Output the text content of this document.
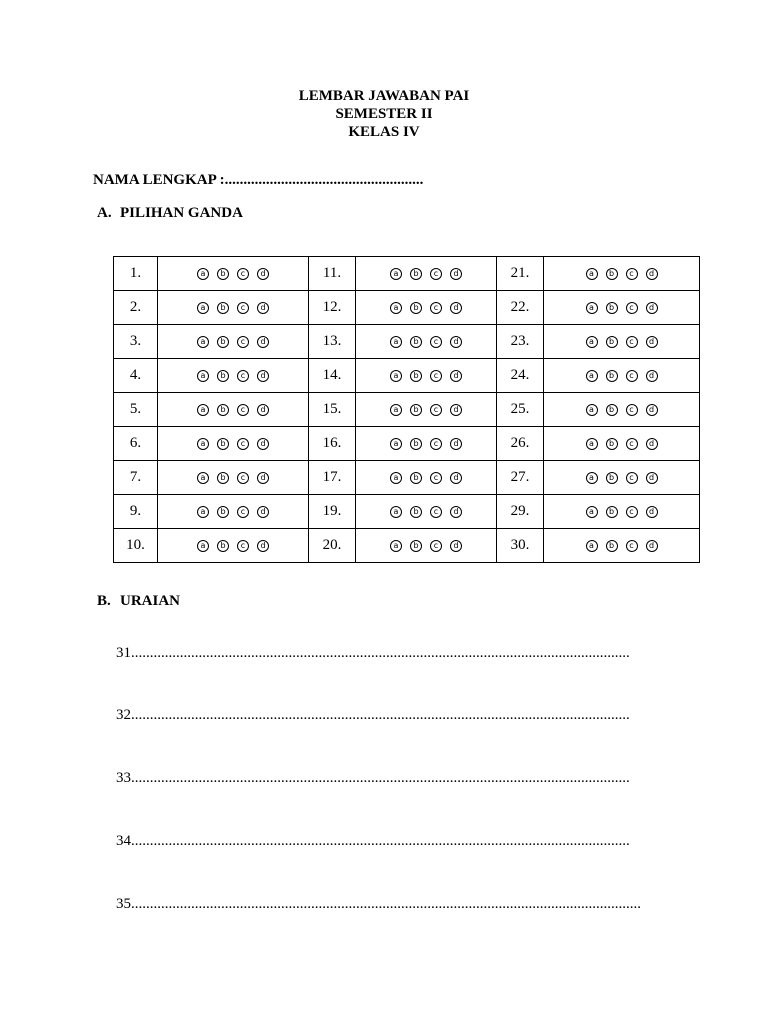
LEMBAR JAWABAN PAI
SEMESTER II
KELAS IV
NAMA LENGKAP :.....................................................
A. PILIHAN GANDA
1.	a b c d	11.	a b c d	21.	a b c d
2.	a b c d	12.	a b c d	22.	a b c d
3.	a b c d	13.	a b c d	23.	a b c d
4.	a b c d	14.	a b c d	24.	a b c d
5.	a b c d	15.	a b c d	25.	a b c d
6.	a b c d	16.	a b c d	26.	a b c d
7.	a b c d	17.	a b c d	27.	a b c d
9.	a b c d	19.	a b c d	29.	a b c d
10.	a b c d	20.	a b c d	30.	a b c d
B. URAIAN
31.....................................................................................................................................
32.....................................................................................................................................
33.....................................................................................................................................
34.....................................................................................................................................
35........................................................................................................................................
